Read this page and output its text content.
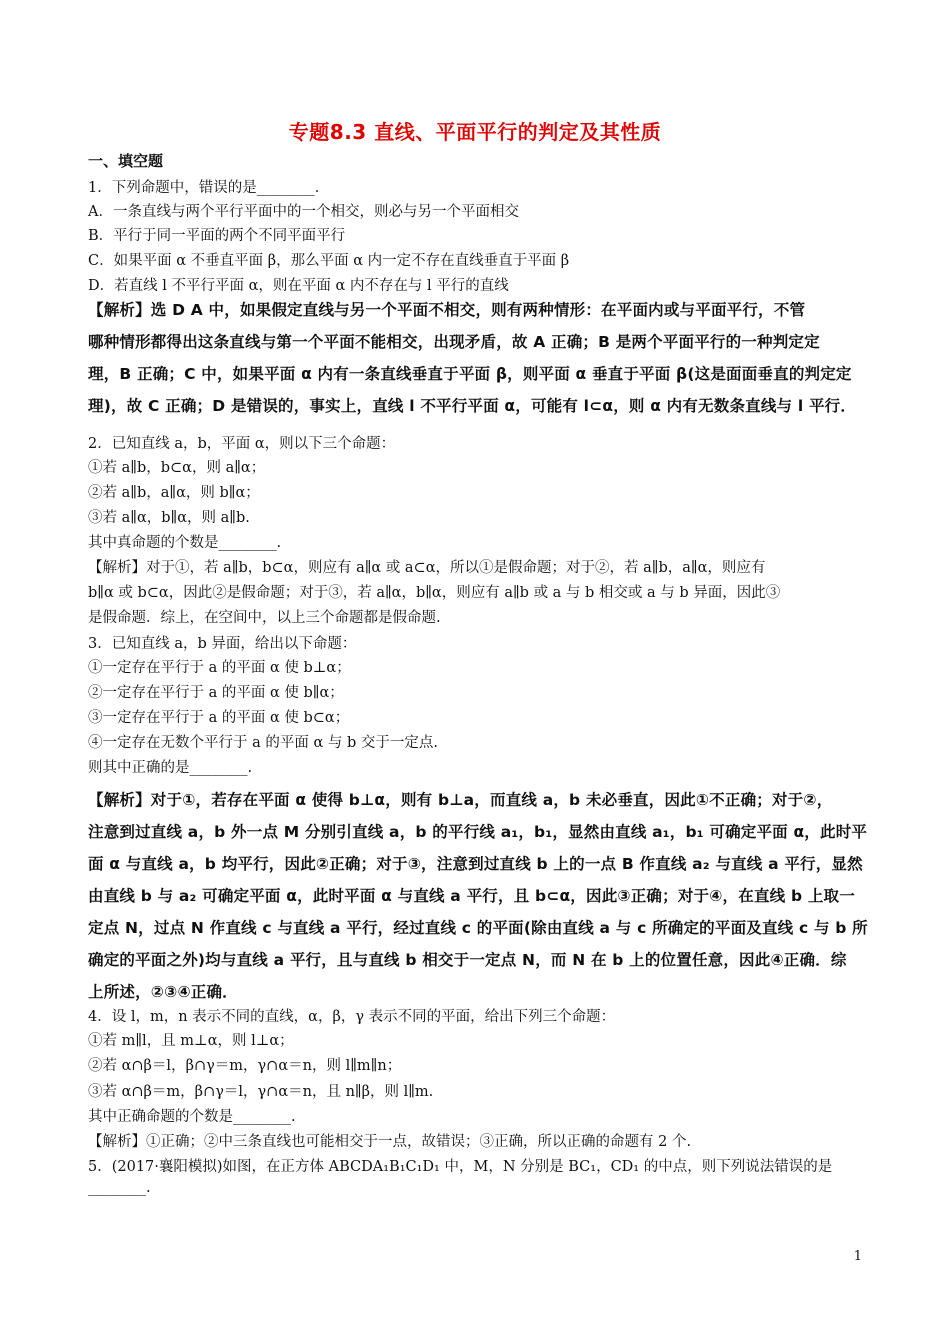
专题8.3 直线、平面平行的判定及其性质
一、填空题
1．下列命题中，错误的是________．
A．一条直线与两个平行平面中的一个相交，则必与另一个平面相交
B．平行于同一平面的两个不同平面平行
C．如果平面 α 不垂直平面 β，那么平面 α 内一定不存在直线垂直于平面 β
D．若直线 l 不平行平面 α，则在平面 α 内不存在与 l 平行的直线
【解析】选 D A 中，如果假定直线与另一个平面不相交，则有两种情形：在平面内或与平面平行，不管
哪种情形都得出这条直线与第一个平面不能相交，出现矛盾，故 A 正确；B 是两个平面平行的一种判定定
理，B 正确；C 中，如果平面 α 内有一条直线垂直于平面 β，则平面 α 垂直于平面 β(这是面面垂直的判定定
理)，故 C 正确；D 是错误的，事实上，直线 l 不平行平面 α，可能有 l⊂α，则 α 内有无数条直线与 l 平行．
2．已知直线 a，b，平面 α，则以下三个命题：
①若 a∥b，b⊂α，则 a∥α；
②若 a∥b，a∥α，则 b∥α；
③若 a∥α，b∥α，则 a∥b.
其中真命题的个数是________.
【解析】对于①，若 a∥b，b⊂α，则应有 a∥α 或 a⊂α，所以①是假命题；对于②，若 a∥b，a∥α，则应有
b∥α 或 b⊂α，因此②是假命题；对于③，若 a∥α，b∥α，则应有 a∥b 或 a 与 b 相交或 a 与 b 异面，因此③
是假命题．综上，在空间中，以上三个命题都是假命题.
3．已知直线 a，b 异面，给出以下命题：
①一定存在平行于 a 的平面 α 使 b⊥α；
②一定存在平行于 a 的平面 α 使 b∥α；
③一定存在平行于 a 的平面 α 使 b⊂α；
④一定存在无数个平行于 a 的平面 α 与 b 交于一定点.
则其中正确的是________.
【解析】对于①，若存在平面 α 使得 b⊥α，则有 b⊥a，而直线 a，b 未必垂直，因此①不正确；对于②，
注意到过直线 a，b 外一点 M 分别引直线 a，b 的平行线 a₁，b₁，显然由直线 a₁，b₁ 可确定平面 α，此时平
面 α 与直线 a，b 均平行，因此②正确；对于③，注意到过直线 b 上的一点 B 作直线 a₂ 与直线 a 平行，显然
由直线 b 与 a₂ 可确定平面 α，此时平面 α 与直线 a 平行，且 b⊂α，因此③正确；对于④，在直线 b 上取一
定点 N，过点 N 作直线 c 与直线 a 平行，经过直线 c 的平面(除由直线 a 与 c 所确定的平面及直线 c 与 b 所
确定的平面之外)均与直线 a 平行，且与直线 b 相交于一定点 N，而 N 在 b 上的位置任意，因此④正确．综
上所述，②③④正确．
4．设 l，m，n 表示不同的直线，α，β，γ 表示不同的平面，给出下列三个命题：
①若 m∥l，且 m⊥α，则 l⊥α；
②若 α∩β＝l，β∩γ＝m，γ∩α＝n，则 l∥m∥n；
③若 α∩β＝m，β∩γ＝l，γ∩α＝n，且 n∥β，则 l∥m.
其中正确命题的个数是________.
【解析】①正确；②中三条直线也可能相交于一点，故错误；③正确，所以正确的命题有 2 个.
5．(2017·襄阳模拟)如图，在正方体 ABCDA₁B₁C₁D₁ 中，M，N 分别是 BC₁，CD₁ 的中点，则下列说法错误的是
________.
1
